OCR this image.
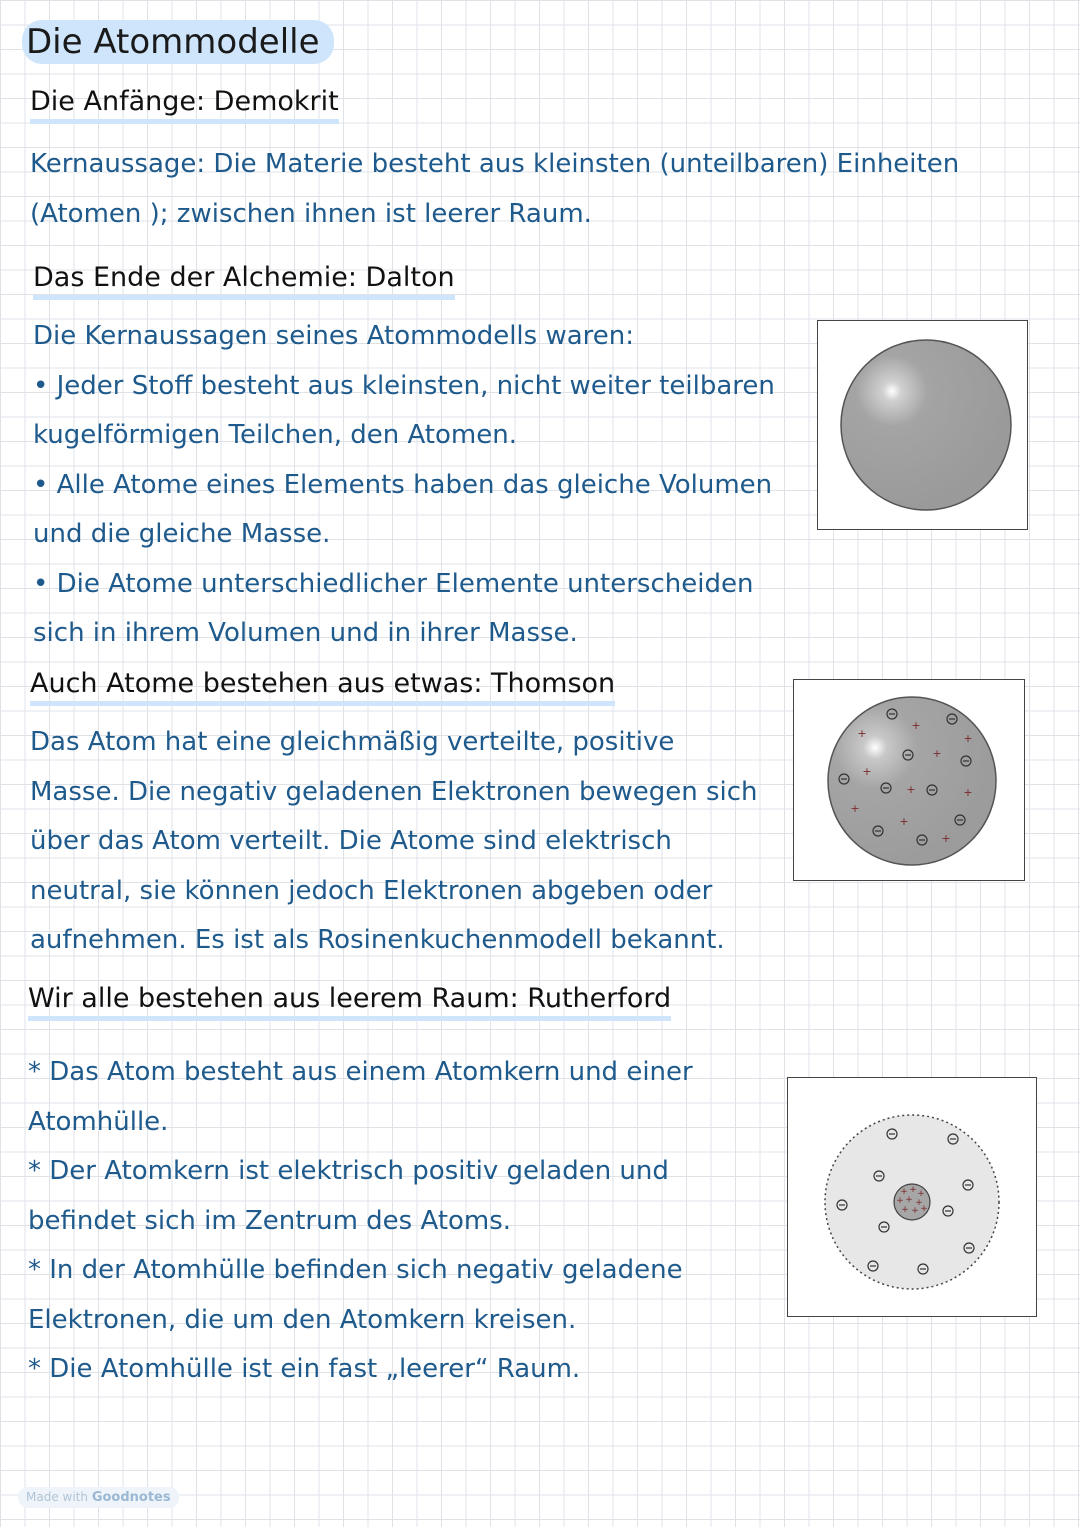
Die Atommodelle
Die Anfänge: Demokrit
Kernaussage: Die Materie besteht aus kleinsten (unteilbaren) Einheiten
(Atomen ); zwischen ihnen ist leerer Raum.
Das Ende der Alchemie: Dalton
Die Kernaussagen seines Atommodells waren:
• Jeder Stoff besteht aus kleinsten, nicht weiter teilbaren
kugelförmigen Teilchen, den Atomen.
• Alle Atome eines Elements haben das gleiche Volumen
und die gleiche Masse.
• Die Atome unterschiedlicher Elemente unterscheiden
sich in ihrem Volumen und in ihrer Masse.
Auch Atome bestehen aus etwas: Thomson
Das Atom hat eine gleichmäßig verteilte, positive
Masse. Die negativ geladenen Elektronen bewegen sich
über das Atom verteilt. Die Atome sind elektrisch
neutral, sie können jedoch Elektronen abgeben oder
aufnehmen. Es ist als Rosinenkuchenmodell bekannt.
+
+
+
+
+
+	+
+
+
+
Wir alle bestehen aus leerem Raum: Rutherford
* Das Atom besteht aus einem Atomkern und einer
Atomhülle.
* Der Atomkern ist elektrisch positiv geladen und
befindet sich im Zentrum des Atoms.
* In der Atomhülle befinden sich negativ geladene
Elektronen, die um den Atomkern kreisen.
* Die Atomhülle ist ein fast „leerer“ Raum.
+ + +
+ + +
+ + +
Made with Goodnotes
